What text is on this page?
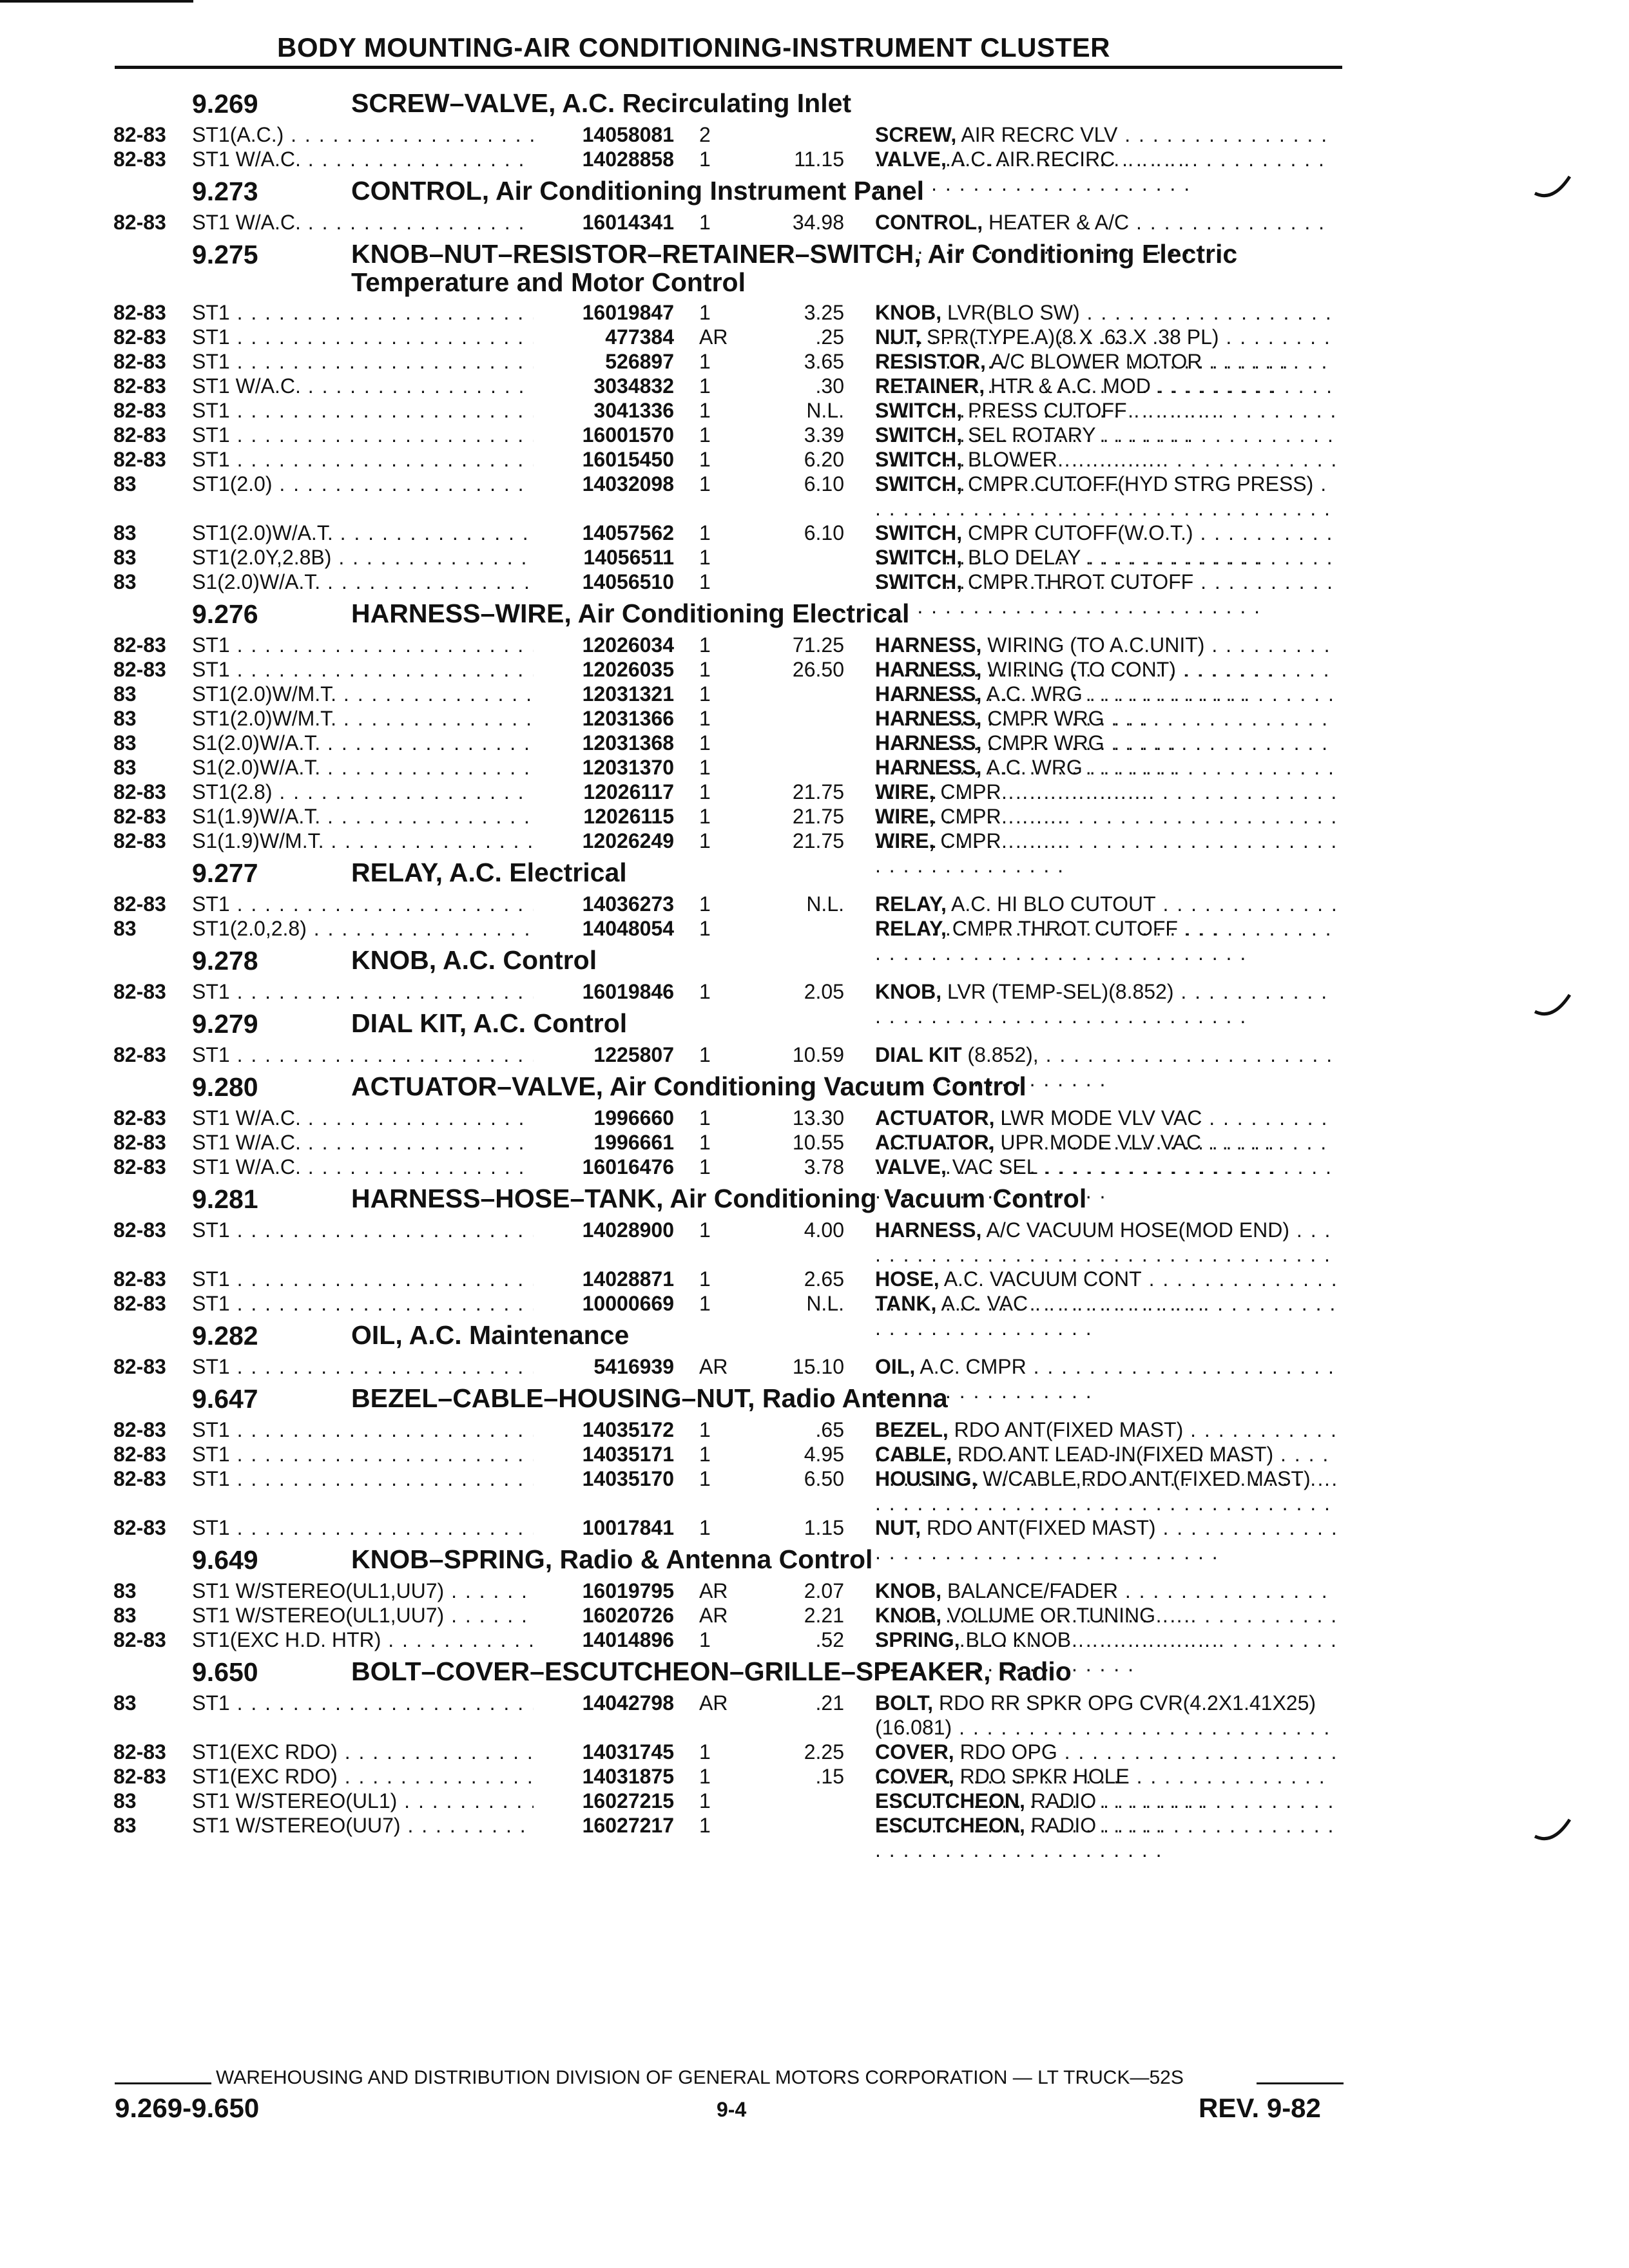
BODY MOUNTING-AIR CONDITIONING-INSTRUMENT CLUSTER
9.269	SCREW–VALVE, A.C. Recirculating Inlet
82-83 ST1(A.C.) . . .	14058081 2	SCREW, AIR RECRC VLV . . .
82-83 ST1 W/A.C. . . .	14028858 1	11.15 VALVE, A.C. AIR RECIRC . . .
9.273	CONTROL, Air Conditioning Instrument Panel
82-83 ST1 W/A.C. . . .	16014341 1	34.98 CONTROL, HEATER & A/C . . .
9.275	KNOB–NUT–RESISTOR–RETAINER–SWITCH, Air Conditioning Electric Temperature and Motor Control
82-83 ST1 . . .	16019847 1	3.25 KNOB, LVR(BLO SW) . . .
82-83 ST1 . . .	477384 AR	.25 NUT, SPR(TYPE A)(8 X .63 X .38 PL) . . .
82-83 ST1 . . .	526897 1	3.65 RESISTOR, A/C BLOWER MOTOR . . .
82-83 ST1 W/A.C. . . .	3034832 1	.30 RETAINER, HTR & A.C. MOD . . .
82-83 ST1 . . .	3041336 1	N.L. SWITCH, PRESS CUTOFF . . .
82-83 ST1 . . .	16001570 1	3.39 SWITCH, SEL ROTARY . . .
82-83 ST1 . . .	16015450 1	6.20 SWITCH, BLOWER . . .
83	ST1(2.0) . . .	14032098 1	6.10 SWITCH, CMPR CUTOFF(HYD STRG PRESS) . . .
83	ST1(2.0)W/A.T. . . .	14057562 1	6.10 SWITCH, CMPR CUTOFF(W.O.T.) . . .
83	ST1(2.0Y,2.8B) . . .	14056511 1	SWITCH, BLO DELAY . . .
83	S1(2.0)W/A.T. . . .	14056510 1	SWITCH, CMPR THROT CUTOFF . . .
9.276	HARNESS–WIRE, Air Conditioning Electrical
82-83 ST1 . . .	12026034 1	71.25 HARNESS, WIRING (TO A.C.UNIT) . . .
82-83 ST1 . . .	12026035 1	26.50 HARNESS, WIRING (TO CONT) . . .
83	ST1(2.0)W/M.T. . . .	12031321 1	HARNESS, A.C. WRG . . .
83	ST1(2.0)W/M.T. . . .	12031366 1	HARNESS, CMPR WRG . . .
83	S1(2.0)W/A.T. . . .	12031368 1	HARNESS, CMPR WRG . . .
83	S1(2.0)W/A.T. . . .	12031370 1	HARNESS, A.C. WRG . . .
82-83 ST1(2.8) . . .	12026117 1	21.75 WIRE, CMPR . . .
82-83 S1(1.9)W/A.T. . . .	12026115 1	21.75 WIRE, CMPR . . .
82-83 S1(1.9)W/M.T. . . .	12026249 1	21.75 WIRE, CMPR . . .
9.277	RELAY, A.C. Electrical
82-83 ST1 . . .	14036273 1	N.L. RELAY, A.C. HI BLO CUTOUT . . .
83	ST1(2.0,2.8) . . .	14048054 1	RELAY, CMPR THROT CUTOFF . . .
9.278	KNOB, A.C. Control
82-83 ST1 . . .	16019846 1	2.05 KNOB, LVR (TEMP-SEL)(8.852) . . .
9.279	DIAL KIT, A.C. Control
82-83 ST1 . . .	1225807 1	10.59 DIAL KIT (8.852), . . .
9.280	ACTUATOR–VALVE, Air Conditioning Vacuum Control
82-83 ST1 W/A.C. . . .	1996660 1	13.30 ACTUATOR, LWR MODE VLV VAC . . .
82-83 ST1 W/A.C. . . .	1996661 1	10.55 ACTUATOR, UPR MODE VLV VAC . . .
82-83 ST1 W/A.C. . . .	16016476 1	3.78 VALVE, VAC SEL . . .
9.281	HARNESS–HOSE–TANK, Air Conditioning Vacuum Control
82-83 ST1 . . .	14028900 1	4.00 HARNESS, A/C VACUUM HOSE(MOD END) . . .
82-83 ST1 . . .	14028871 1	2.65 HOSE, A.C. VACUUM CONT . . .
82-83 ST1 . . .	10000669 1	N.L. TANK, A.C. VAC . . .
9.282	OIL, A.C. Maintenance
82-83 ST1 . . .	5416939 AR	15.10 OIL, A.C. CMPR . . .
9.647	BEZEL–CABLE–HOUSING–NUT, Radio Antenna
82-83 ST1 . . .	14035172 1	.65 BEZEL, RDO ANT(FIXED MAST) . . .
82-83 ST1 . . .	14035171 1	4.95 CABLE, RDO ANT LEAD-IN(FIXED MAST) . . .
82-83 ST1 . . .	14035170 1	6.50 HOUSING, W/CABLE,RDO ANT(FIXED MAST) . . .
82-83 ST1 . . .	10017841 1	1.15 NUT, RDO ANT(FIXED MAST) . . .
9.649	KNOB–SPRING, Radio & Antenna Control
83	ST1 W/STEREO(UL1,UU7) . . .	16019795 AR	2.07 KNOB, BALANCE/FADER . . .
83	ST1 W/STEREO(UL1,UU7) . . .	16020726 AR	2.21 KNOB, VOLUME OR TUNING . . .
82-83 ST1(EXC H.D. HTR) . . .	14014896 1	.52 SPRING, BLO KNOB . . .
9.650	BOLT–COVER–ESCUTCHEON–GRILLE–SPEAKER, Radio
83	ST1 . . .	14042798 AR	.21 BOLT, RDO RR SPKR OPG CVR(4.2X1.41X25)(16.081) . . .
82-83 ST1(EXC RDO) . . .	14031745 1	2.25 COVER, RDO OPG . . .
82-83 ST1(EXC RDO) . . .	14031875 1	.15 COVER, RDO SPKR HOLE . . .
83	ST1 W/STEREO(UL1) . . .	16027215 1	ESCUTCHEON, RADIO . . .
83	ST1 W/STEREO(UU7) . . .	16027217 1	ESCUTCHEON, RADIO . . .
WAREHOUSING AND DISTRIBUTION DIVISION OF GENERAL MOTORS CORPORATION — LT TRUCK—52S
9.269-9.650	9-4	REV. 9-82
